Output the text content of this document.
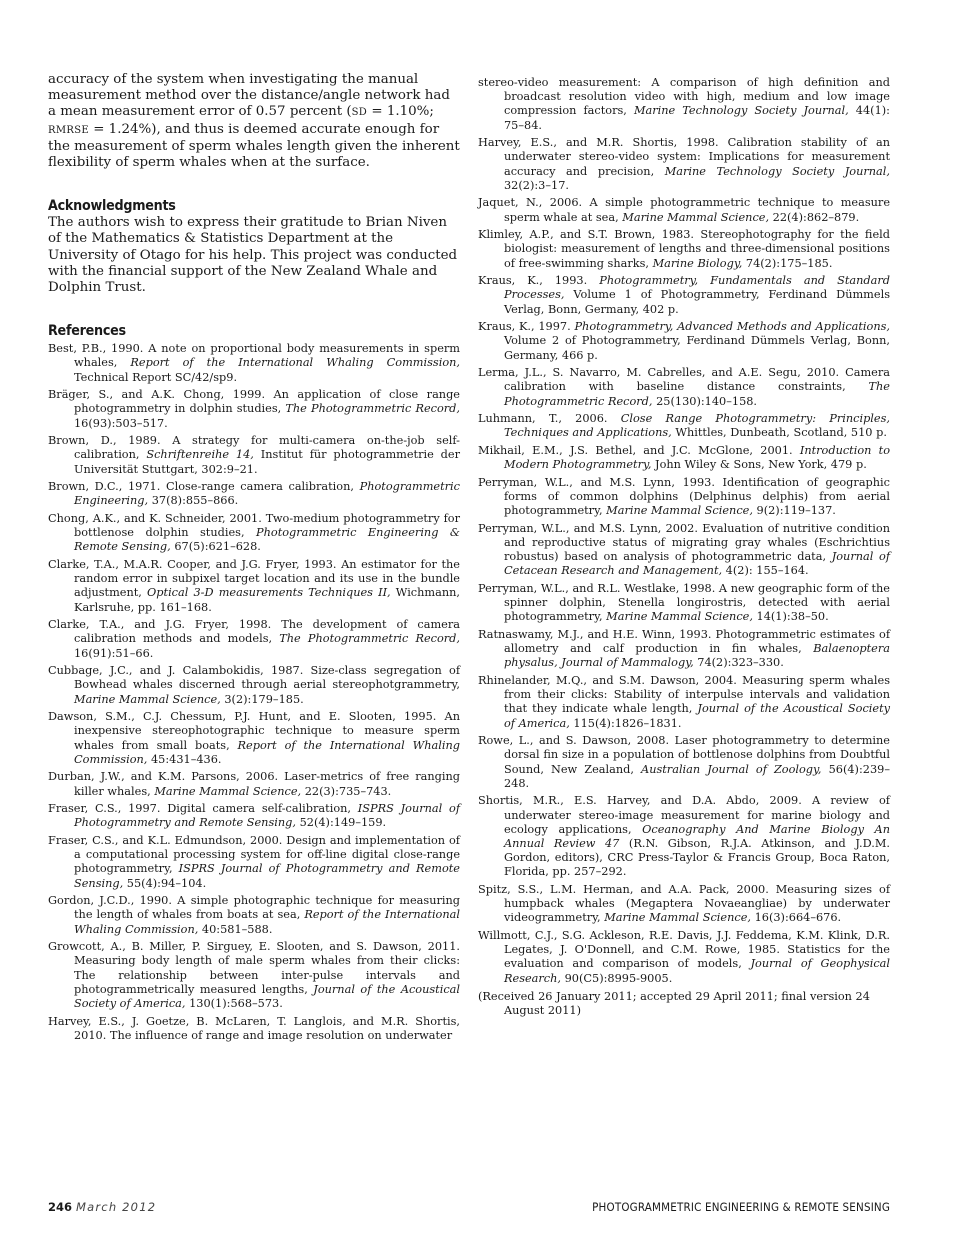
accuracy of the system when investigating the manual measurement method over the distance/angle network had a mean measurement error of 0.57 percent (SD = 1.10%; RMRSE = 1.24%), and thus is deemed accurate enough for the measurement of sperm whales length given the inherent flexibility of sperm whales when at the surface.

Acknowledgments

The authors wish to express their gratitude to Brian Niven of the Mathematics & Statistics Department at the University of Otago for his help. This project was conducted with the financial support of the New Zealand Whale and Dolphin Trust.

References
Best, P.B., 1990. A note on proportional body measurements in sperm whales, Report of the International Whaling Commission, Technical Report SC/42/sp9.
Bräger, S., and A.K. Chong, 1999. An application of close range photogrammetry in dolphin studies, The Photogrammetric Record, 16(93):503–517.
Brown, D., 1989. A strategy for multi-camera on-the-job self-calibration, Schriftenreihe 14, Institut für photogrammetrie der Universität Stuttgart, 302:9–21.
Brown, D.C., 1971. Close-range camera calibration, Photogrammetric Engineering, 37(8):855–866.
Chong, A.K., and K. Schneider, 2001. Two-medium photogrammetry for bottlenose dolphin studies, Photogrammetric Engineering & Remote Sensing, 67(5):621–628.
Clarke, T.A., M.A.R. Cooper, and J.G. Fryer, 1993. An estimator for the random error in subpixel target location and its use in the bundle adjustment, Optical 3-D measurements Techniques II, Wichmann, Karlsruhe, pp. 161–168.
Clarke, T.A., and J.G. Fryer, 1998. The development of camera calibration methods and models, The Photogrammetric Record, 16(91):51–66.
Cubbage, J.C., and J. Calambokidis, 1987. Size-class segregation of Bowhead whales discerned through aerial stereophotgrammetry, Marine Mammal Science, 3(2):179–185.
Dawson, S.M., C.J. Chessum, P.J. Hunt, and E. Slooten, 1995. An inexpensive stereophotographic technique to measure sperm whales from small boats, Report of the International Whaling Commission, 45:431–436.
Durban, J.W., and K.M. Parsons, 2006. Laser-metrics of free ranging killer whales, Marine Mammal Science, 22(3):735–743.
Fraser, C.S., 1997. Digital camera self-calibration, ISPRS Journal of Photogrammetry and Remote Sensing, 52(4):149–159.
Fraser, C.S., and K.L. Edmundson, 2000. Design and implementation of a computational processing system for off-line digital close-range photogrammetry, ISPRS Journal of Photogrammetry and Remote Sensing, 55(4):94–104.
Gordon, J.C.D., 1990. A simple photographic technique for measuring the length of whales from boats at sea, Report of the International Whaling Commission, 40:581–588.
Growcott, A., B. Miller, P. Sirguey, E. Slooten, and S. Dawson, 2011. Measuring body length of male sperm whales from their clicks: The relationship between inter-pulse intervals and photogrammetrically measured lengths, Journal of the Acoustical Society of America, 130(1):568–573.
Harvey, E.S., J. Goetze, B. McLaren, T. Langlois, and M.R. Shortis, 2010. The influence of range and image resolution on underwater
stereo-video measurement: A comparison of high definition and broadcast resolution video with high, medium and low image compression factors, Marine Technology Society Journal, 44(1): 75–84.
Harvey, E.S., and M.R. Shortis, 1998. Calibration stability of an underwater stereo-video system: Implications for measurement accuracy and precision, Marine Technology Society Journal, 32(2):3–17.
Jaquet, N., 2006. A simple photogrammetric technique to measure sperm whale at sea, Marine Mammal Science, 22(4):862–879.
Klimley, A.P., and S.T. Brown, 1983. Stereophotography for the field biologist: measurement of lengths and three-dimensional positions of free-swimming sharks, Marine Biology, 74(2):175–185.
Kraus, K., 1993. Photogrammetry, Fundamentals and Standard Processes, Volume 1 of Photogrammetry, Ferdinand Dümmels Verlag, Bonn, Germany, 402 p.
Kraus, K., 1997. Photogrammetry, Advanced Methods and Applications, Volume 2 of Photogrammetry, Ferdinand Dümmels Verlag, Bonn, Germany, 466 p.
Lerma, J.L., S. Navarro, M. Cabrelles, and A.E. Segu, 2010. Camera calibration with baseline distance constraints, The Photogrammetric Record, 25(130):140–158.
Luhmann, T., 2006. Close Range Photogrammetry: Principles, Techniques and Applications, Whittles, Dunbeath, Scotland, 510 p.
Mikhail, E.M., J.S. Bethel, and J.C. McGlone, 2001. Introduction to Modern Photogrammetry, John Wiley & Sons, New York, 479 p.
Perryman, W.L., and M.S. Lynn, 1993. Identification of geographic forms of common dolphins (Delphinus delphis) from aerial photogrammetry, Marine Mammal Science, 9(2):119–137.
Perryman, W.L., and M.S. Lynn, 2002. Evaluation of nutritive condition and reproductive status of migrating gray whales (Eschrichtius robustus) based on analysis of photogrammetric data, Journal of Cetacean Research and Management, 4(2): 155–164.
Perryman, W.L., and R.L. Westlake, 1998. A new geographic form of the spinner dolphin, Stenella longirostris, detected with aerial photogrammetry, Marine Mammal Science, 14(1):38–50.
Ratnaswamy, M.J., and H.E. Winn, 1993. Photogrammetric estimates of allometry and calf production in fin whales, Balaenoptera physalus, Journal of Mammalogy, 74(2):323–330.
Rhinelander, M.Q., and S.M. Dawson, 2004. Measuring sperm whales from their clicks: Stability of interpulse intervals and validation that they indicate whale length, Journal of the Acoustical Society of America, 115(4):1826–1831.
Rowe, L., and S. Dawson, 2008. Laser photogrammetry to determine dorsal fin size in a population of bottlenose dolphins from Doubtful Sound, New Zealand, Australian Journal of Zoology, 56(4):239–248.
Shortis, M.R., E.S. Harvey, and D.A. Abdo, 2009. A review of underwater stereo-image measurement for marine biology and ecology applications, Oceanography And Marine Biology An Annual Review 47 (R.N. Gibson, R.J.A. Atkinson, and J.D.M. Gordon, editors), CRC Press-Taylor & Francis Group, Boca Raton, Florida, pp. 257–292.
Spitz, S.S., L.M. Herman, and A.A. Pack, 2000. Measuring sizes of humpback whales (Megaptera Novaeangliae) by underwater videogrammetry, Marine Mammal Science, 16(3):664–676.
Willmott, C.J., S.G. Ackleson, R.E. Davis, J.J. Feddema, K.M. Klink, D.R. Legates, J. O'Donnell, and C.M. Rowe, 1985. Statistics for the evaluation and comparison of models, Journal of Geophysical Research, 90(C5):8995-9005.

(Received 26 January 2011; accepted 29 April 2011; final version 24 August 2011)

246 March 2012	PHOTOGRAMMETRIC ENGINEERING & REMOTE SENSING
